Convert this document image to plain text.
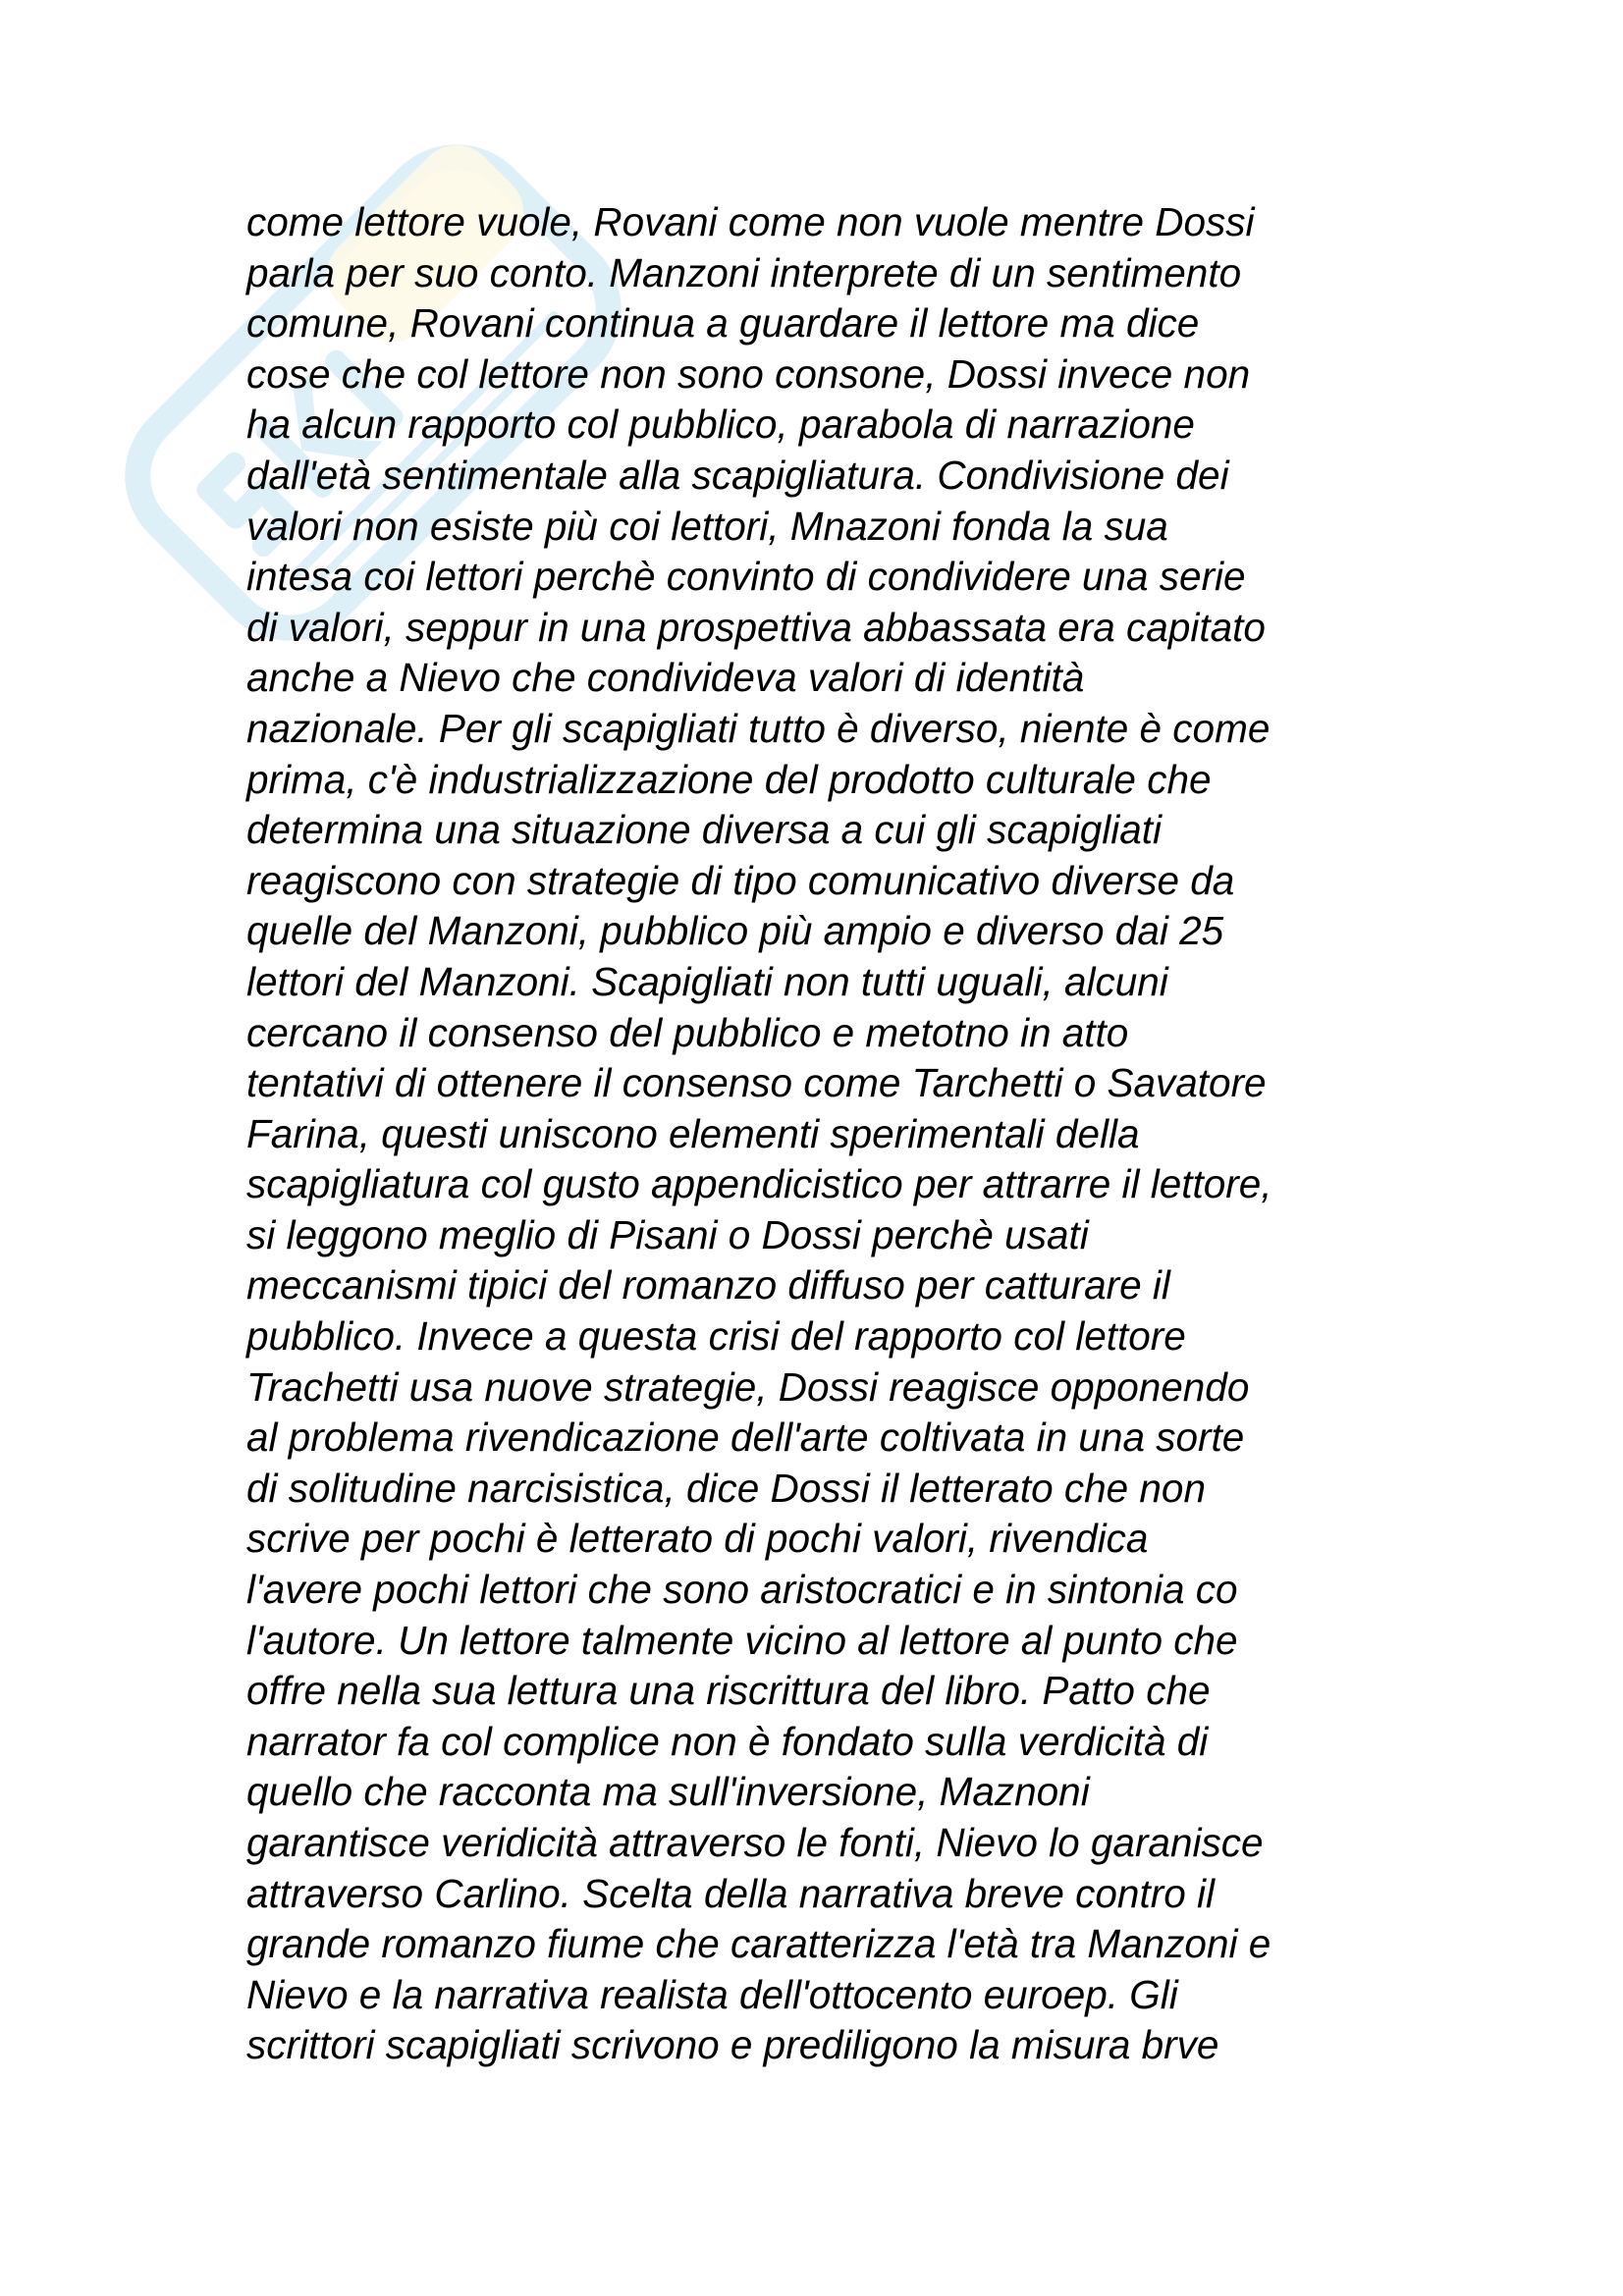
come lettore vuole, Rovani come non vuole mentre Dossi
parla per suo conto. Manzoni interprete di un sentimento
comune, Rovani continua a guardare il lettore ma dice
cose che col lettore non sono consone, Dossi invece non
ha alcun rapporto col pubblico, parabola di narrazione
dall'età sentimentale alla scapigliatura. Condivisione dei
valori non esiste più coi lettori, Mnazoni fonda la sua
intesa coi lettori perchè convinto di condividere una serie
di valori, seppur in una prospettiva abbassata era capitato
anche a Nievo che condivideva valori di identità
nazionale. Per gli scapigliati tutto è diverso, niente è come
prima, c'è industrializzazione del prodotto culturale che
determina una situazione diversa a cui gli scapigliati
reagiscono con strategie di tipo comunicativo diverse da
quelle del Manzoni, pubblico più ampio e diverso dai 25
lettori del Manzoni. Scapigliati non tutti uguali, alcuni
cercano il consenso del pubblico e metotno in atto
tentativi di ottenere il consenso come Tarchetti o Savatore
Farina, questi uniscono elementi sperimentali della
scapigliatura col gusto appendicistico per attrarre il lettore,
si leggono meglio di Pisani o Dossi perchè usati
meccanismi tipici del romanzo diffuso per catturare il
pubblico. Invece a questa crisi del rapporto col lettore
Trachetti usa nuove strategie, Dossi reagisce opponendo
al problema rivendicazione dell'arte coltivata in una sorte
di solitudine narcisistica, dice Dossi il letterato che non
scrive per pochi è letterato di pochi valori, rivendica
l'avere pochi lettori che sono aristocratici e in sintonia co
l'autore. Un lettore talmente vicino al lettore al punto che
offre nella sua lettura una riscrittura del libro. Patto che
narrator fa col complice non è fondato sulla verdicità di
quello che racconta ma sull'inversione, Maznoni
garantisce veridicità attraverso le fonti, Nievo lo garanisce
attraverso Carlino. Scelta della narrativa breve contro il
grande romanzo fiume che caratterizza l'età tra Manzoni e
Nievo e la narrativa realista dell'ottocento euroep. Gli
scrittori scapigliati scrivono e prediligono la misura brve
